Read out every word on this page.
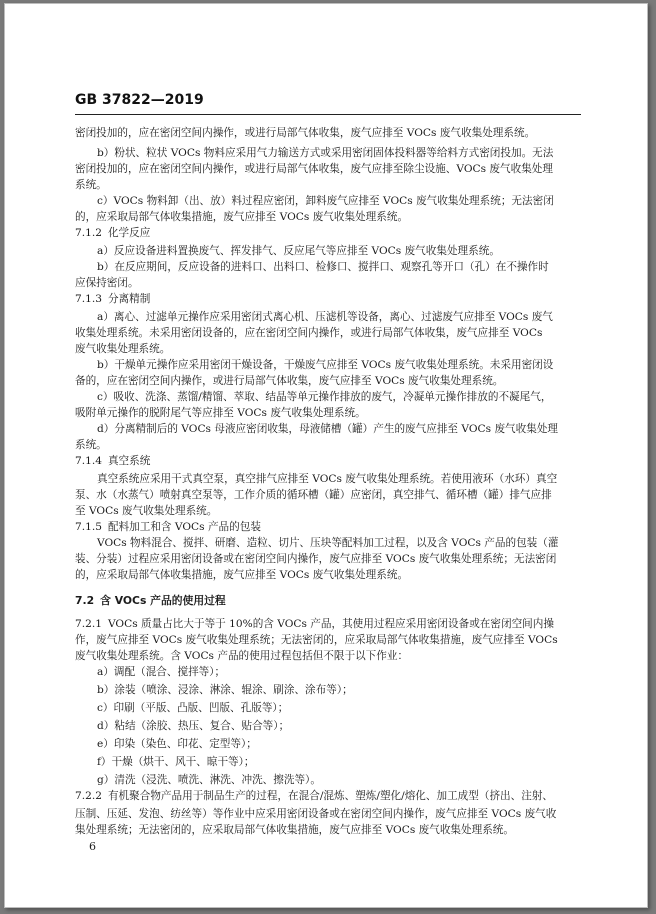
GB 37822—2019
密闭投加的，应在密闭空间内操作，或进行局部气体收集，废气应排至 VOCs 废气收集处理系统。
b）粉状、粒状 VOCs 物料应采用气力输送方式或采用密闭固体投料器等给料方式密闭投加。无法
密闭投加的，应在密闭空间内操作，或进行局部气体收集，废气应排至除尘设施、VOCs 废气收集处理
系统。
c）VOCs 物料卸（出、放）料过程应密闭，卸料废气应排至 VOCs 废气收集处理系统；无法密闭
的，应采取局部气体收集措施，废气应排至 VOCs 废气收集处理系统。
7.1.2 化学反应
a）反应设备进料置换废气、挥发排气、反应尾气等应排至 VOCs 废气收集处理系统。
b）在反应期间，反应设备的进料口、出料口、检修口、搅拌口、观察孔等开口（孔）在不操作时
应保持密闭。
7.1.3 分离精制
a）离心、过滤单元操作应采用密闭式离心机、压滤机等设备，离心、过滤废气应排至 VOCs 废气
收集处理系统。未采用密闭设备的，应在密闭空间内操作，或进行局部气体收集，废气应排至 VOCs
废气收集处理系统。
b）干燥单元操作应采用密闭干燥设备，干燥废气应排至 VOCs 废气收集处理系统。未采用密闭设
备的，应在密闭空间内操作，或进行局部气体收集，废气应排至 VOCs 废气收集处理系统。
c）吸收、洗涤、蒸馏/精馏、萃取、结晶等单元操作排放的废气，冷凝单元操作排放的不凝尾气，
吸附单元操作的脱附尾气等应排至 VOCs 废气收集处理系统。
d）分离精制后的 VOCs 母液应密闭收集，母液储槽（罐）产生的废气应排至 VOCs 废气收集处理
系统。
7.1.4 真空系统
真空系统应采用干式真空泵，真空排气应排至 VOCs 废气收集处理系统。若使用液环（水环）真空
泵、水（水蒸气）喷射真空泵等，工作介质的循环槽（罐）应密闭，真空排气、循环槽（罐）排气应排
至 VOCs 废气收集处理系统。
7.1.5 配料加工和含 VOCs 产品的包装
VOCs 物料混合、搅拌、研磨、造粒、切片、压块等配料加工过程，以及含 VOCs 产品的包装（灌
装、分装）过程应采用密闭设备或在密闭空间内操作，废气应排至 VOCs 废气收集处理系统；无法密闭
的，应采取局部气体收集措施，废气应排至 VOCs 废气收集处理系统。
7.2 含 VOCs 产品的使用过程
7.2.1 VOCs 质量占比大于等于 10%的含 VOCs 产品，其使用过程应采用密闭设备或在密闭空间内操
作，废气应排至 VOCs 废气收集处理系统；无法密闭的，应采取局部气体收集措施，废气应排至 VOCs
废气收集处理系统。含 VOCs 产品的使用过程包括但不限于以下作业：
a）调配（混合、搅拌等）；
b）涂装（喷涂、浸涂、淋涂、辊涂、刷涂、涂布等）；
c）印刷（平版、凸版、凹版、孔版等）；
d）粘结（涂胶、热压、复合、贴合等）；
e）印染（染色、印花、定型等）；
f）干燥（烘干、风干、晾干等）；
g）清洗（浸洗、喷洗、淋洗、冲洗、擦洗等）。
7.2.2 有机聚合物产品用于制品生产的过程，在混合/混炼、塑炼/塑化/熔化、加工成型（挤出、注射、
压制、压延、发泡、纺丝等）等作业中应采用密闭设备或在密闭空间内操作，废气应排至 VOCs 废气收
集处理系统；无法密闭的，应采取局部气体收集措施，废气应排至 VOCs 废气收集处理系统。
6
